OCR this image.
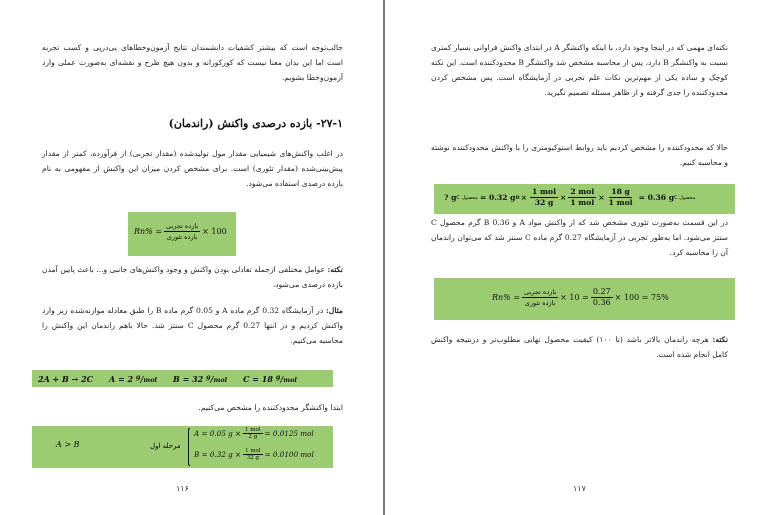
جالب‌توجه است که بیشتر کشفیات دانشمندان نتایج آزمون‌وخطاهای پی‌درپی و کسب تجربه است اما این بدان معنا نیست که کورکورانه و بدون هیچ طرح و نقشه‌ای به‌صورت عملی وارد آزمون‌وخطا بشویم.
۲۷-۱- بازده درصدی واکنش (راندمان)
در اغلب واکنش‌های شیمیایی مقدار مول تولیدشده (مقدار تجربی) از فرآورده، کمتر از مقدار پیش‌بینی‌شده (مقدار تئوری) است. برای مشخص کردن میزان این واکنش از مفهومی به نام بازده درصدی استفاده می‌شود.
$Rn\% = \frac{\text{بازده تجربی}}{\text{بازده تئوری}} \times 100$
نکته: عوامل مختلفی ازجمله تعادلی بودن واکنش و وجود واکنش‌های جانبی و... باعث پایین آمدن بازده درصدی می‌شود.
مثال: در آزمایشگاه 0.32 گرم ماده A و 0.05 گرم ماده B را طبق معادله موازنه‌شده زیر وارد واکنش کردیم و در انتها 0.27 گرم محصول C سنتز شد. حالا باهم راندمان این واکنش را محاسبه می‌کنیم.
2A + B → 2C A = 2 $^g$/mol B = 32 $^g$/mol C = 18 $^g$/mol
ابتدا واکنشگر محدودکننده را مشخص می‌کنیم.
A > B	مرحله اول
A = 0.05 $g \times \frac{\text{1 mol}}{2 g} = 0.0125$ mol
B = 0.32 $g \times \frac{\text{1 mol}}{32 g} = 0.0100$ mol
۱۱۶
نکته‌ای مهمی که در اینجا وجود دارد، با اینکه واکنشگر A در ابتدای واکنش فراوانی بسیار کمتری نسبت به واکنشگر B دارد، پس از محاسبه مشخص شد واکنشگر B محدودکننده است. این نکته کوچک و ساده یکی از مهم‌ترین نکات علم تجربی در آزمایشگاه است. پس مشخص کردن محدودکننده را جدی گرفته و از ظاهر مسئله تصمیم نگیرید.
حالا که محدودکننده را مشخص کردیم باید روابط استوکیومتری را با واکنش محدودکننده نوشته و محاسبه کنیم.
? g C محصول = 0.32 g $B \times \frac{\text{1 mol}}{32 g} \times \frac{\text{2 mol}}{\text{1 mol}} \times \frac{18 g}{\text{1 mol}} = 0.36$ g C محصول
در این قسمت به‌صورت تئوری مشخص شد که از واکنش مواد A و B 0.36 گرم محصول C سنتز می‌شود. اما به‌طور تجربی در آزمایشگاه 0.27 گرم ماده C سنتز شد که می‌توان راندمان آن را محاسبه کرد.
$Rn\% = \frac{\text{بازده تجربی}}{\text{بازده تئوری}} \times 10 = \frac{0.27}{0.36} \times 100 = 75\%$
نکته: هرچه راندمان بالاتر باشد (تا ۱۰۰) کیفیت محصول نهایی مطلوب‌تر و درنتیجه واکنش کامل انجام شده است.
۱۱۷
